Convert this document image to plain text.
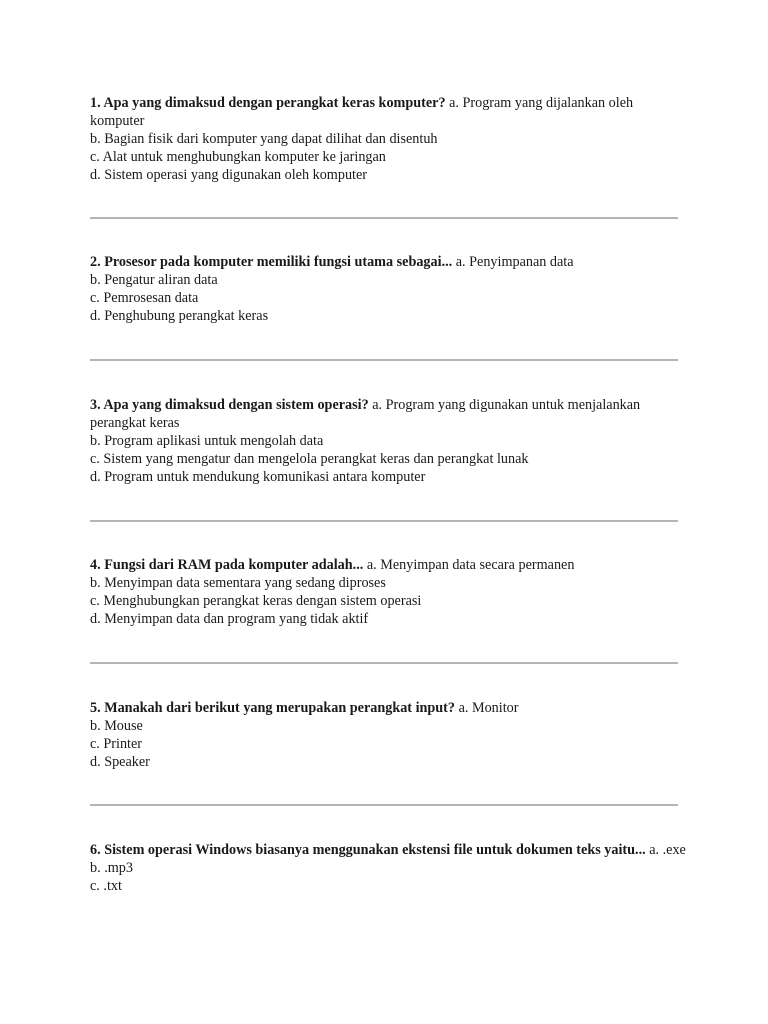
1. Apa yang dimaksud dengan perangkat keras komputer? a. Program yang dijalankan oleh komputer

b. Bagian fisik dari komputer yang dapat dilihat dan disentuh

c. Alat untuk menghubungkan komputer ke jaringan

d. Sistem operasi yang digunakan oleh komputer

2. Prosesor pada komputer memiliki fungsi utama sebagai... a. Penyimpanan data

b. Pengatur aliran data

c. Pemrosesan data

d. Penghubung perangkat keras

3. Apa yang dimaksud dengan sistem operasi? a. Program yang digunakan untuk menjalankan perangkat keras

b. Program aplikasi untuk mengolah data

c. Sistem yang mengatur dan mengelola perangkat keras dan perangkat lunak

d. Program untuk mendukung komunikasi antara komputer

4. Fungsi dari RAM pada komputer adalah... a. Menyimpan data secara permanen

b. Menyimpan data sementara yang sedang diproses

c. Menghubungkan perangkat keras dengan sistem operasi

d. Menyimpan data dan program yang tidak aktif

5. Manakah dari berikut yang merupakan perangkat input? a. Monitor

b. Mouse

c. Printer

d. Speaker

6. Sistem operasi Windows biasanya menggunakan ekstensi file untuk dokumen teks yaitu... a. .exe

b. .mp3

c. .txt
